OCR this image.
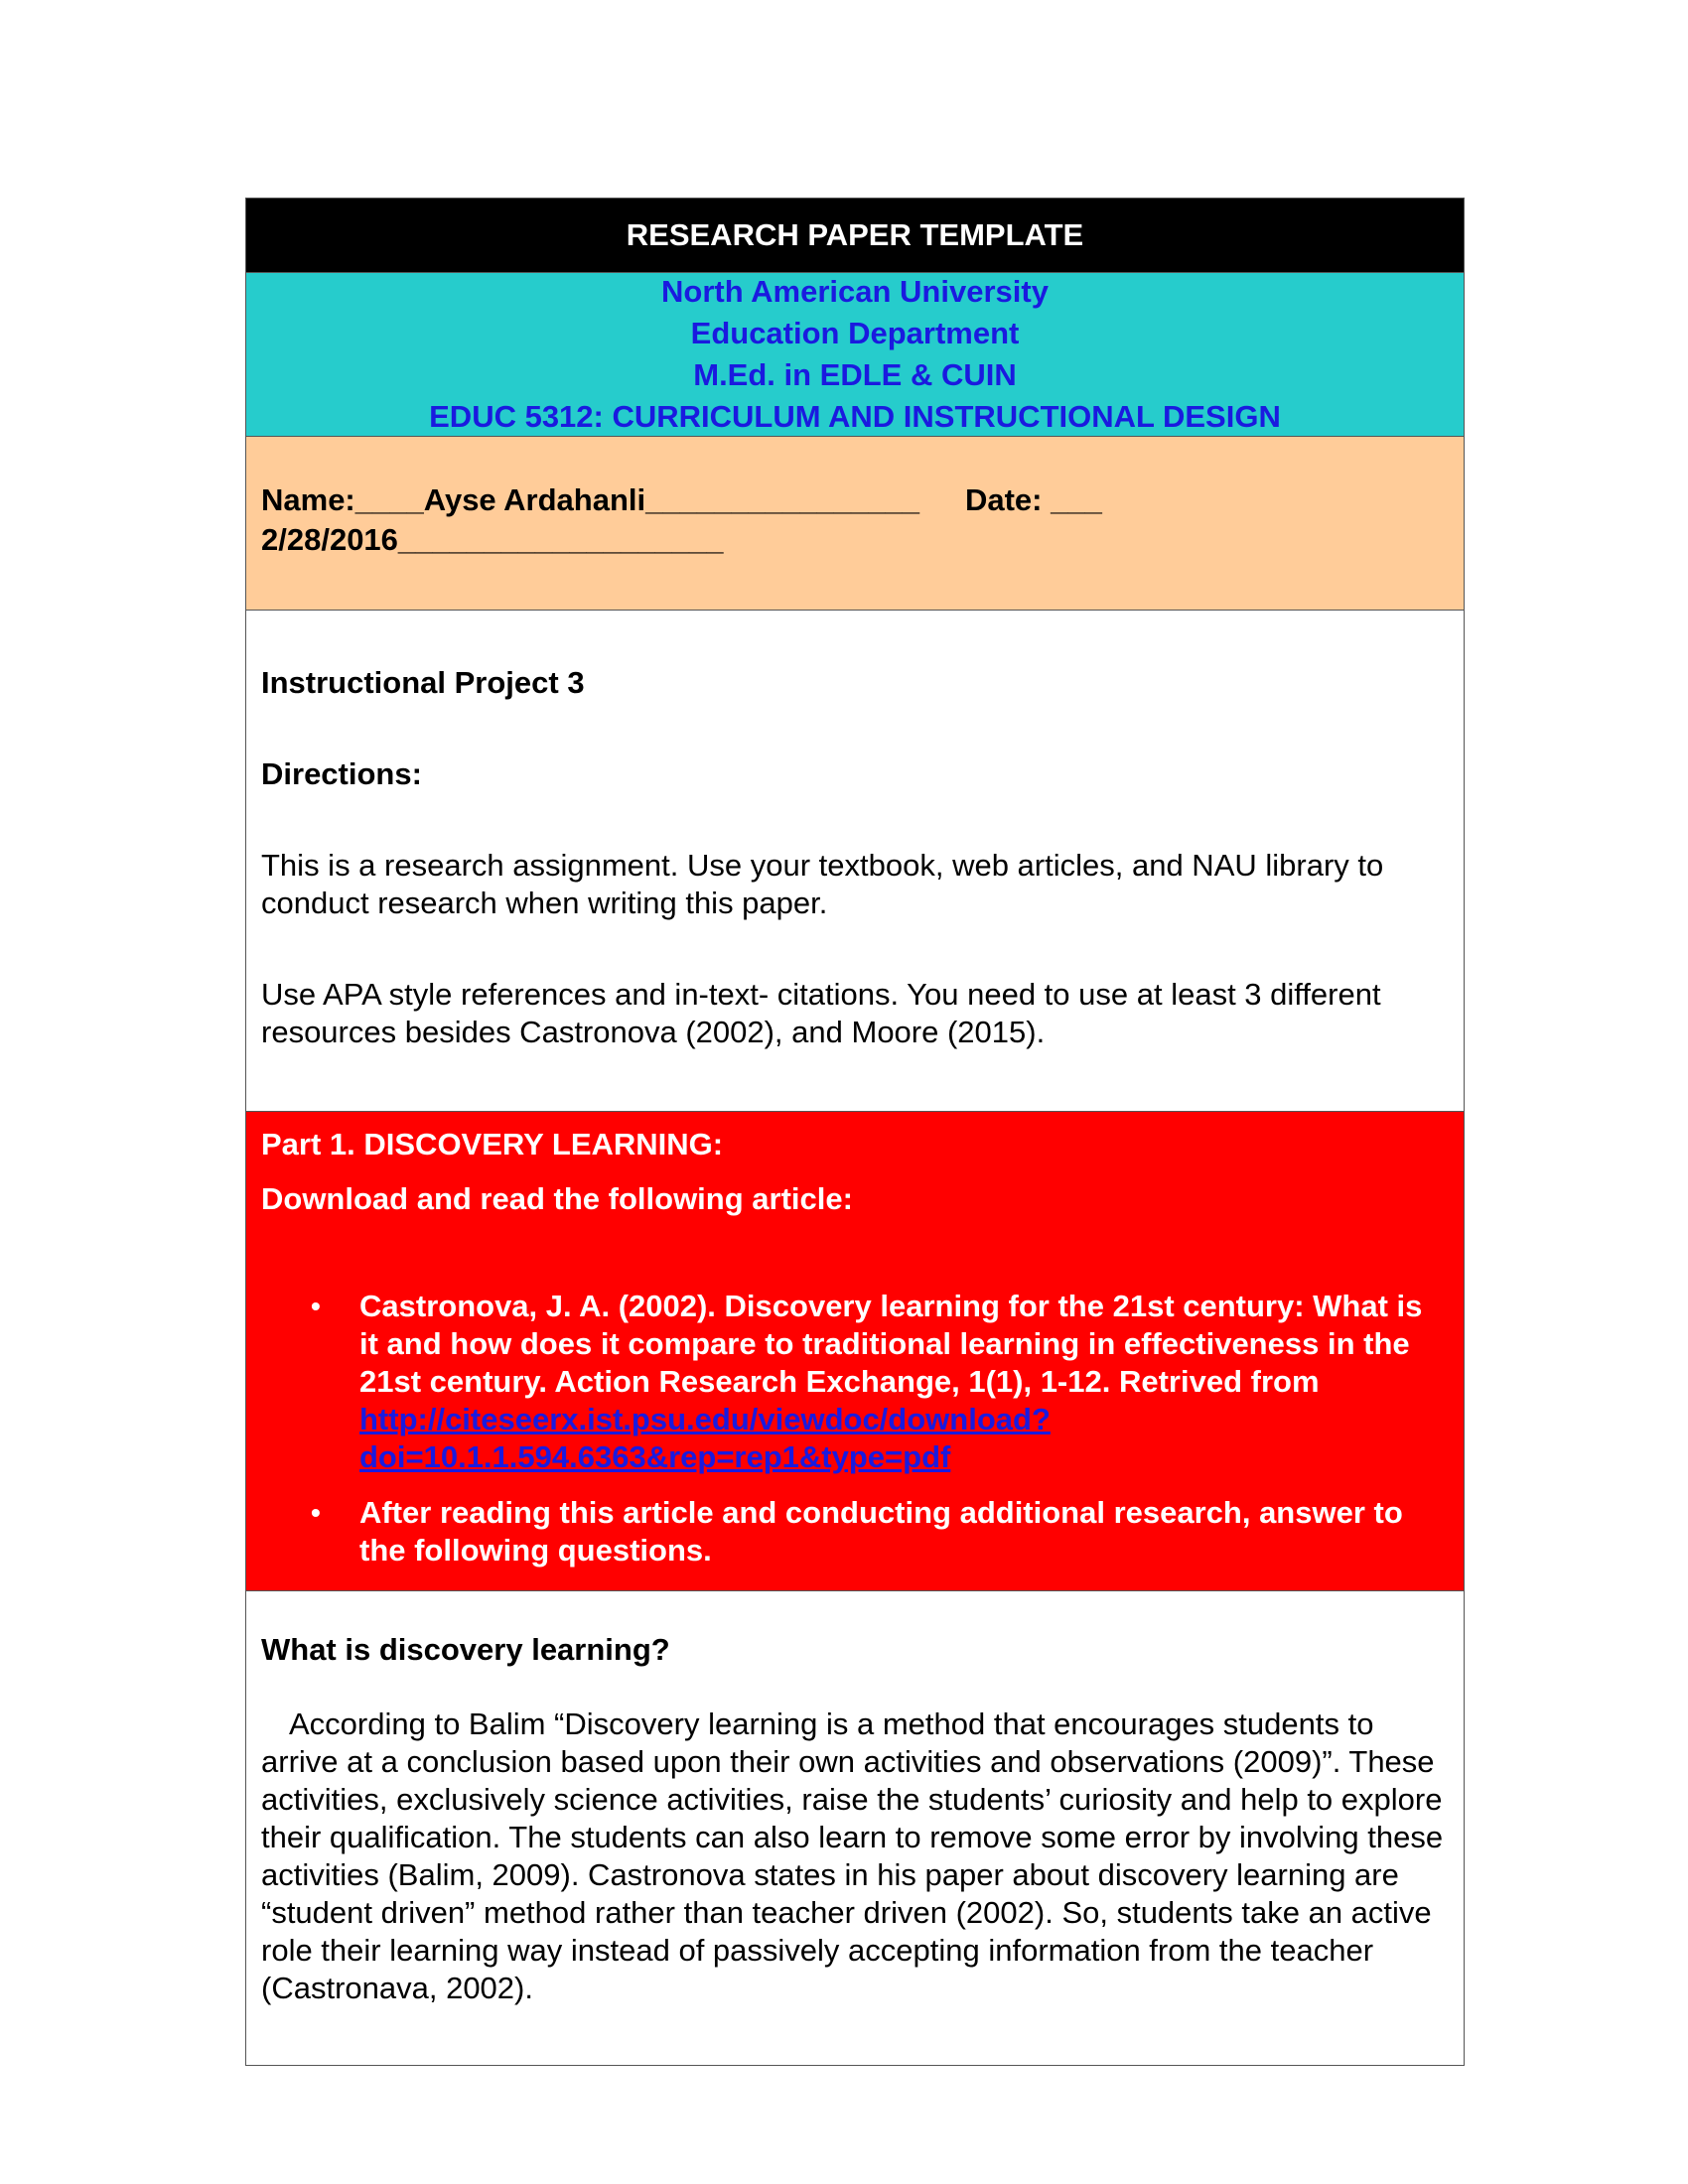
RESEARCH PAPER TEMPLATE
North American University
Education Department
M.Ed. in EDLE & CUIN
EDUC 5312: CURRICULUM AND INSTRUCTIONAL DESIGN
Name:____Ayse Ardahanli________________ Date: ___
2/28/2016___________________

Instructional Project 3

Directions:

This is a research assignment. Use your textbook, web articles, and NAU library to conduct research when writing this paper.

Use APA style references and in-text- citations. You need to use at least 3 different resources besides Castronova (2002), and Moore (2015).

Part 1. DISCOVERY LEARNING:

Download and read the following article:

• Castronova, J. A. (2002). Discovery learning for the 21st century: What is it and how does it compare to traditional learning in effectiveness in the 21st century. Action Research Exchange, 1(1), 1-12. Retrived from http://citeseerx.ist.psu.edu/viewdoc/download?doi=10.1.1.594.6363&rep=rep1&type=pdf
• After reading this article and conducting additional research, answer to the following questions.

What is discovery learning?

According to Balim “Discovery learning is a method that encourages students to arrive at a conclusion based upon their own activities and observations (2009)”. These activities, exclusively science activities, raise the students’ curiosity and help to explore their qualification. The students can also learn to remove some error by involving these activities (Balim, 2009). Castronova states in his paper about discovery learning are “student driven” method rather than teacher driven (2002). So, students take an active role their learning way instead of passively accepting information from the teacher (Castronava, 2002).
